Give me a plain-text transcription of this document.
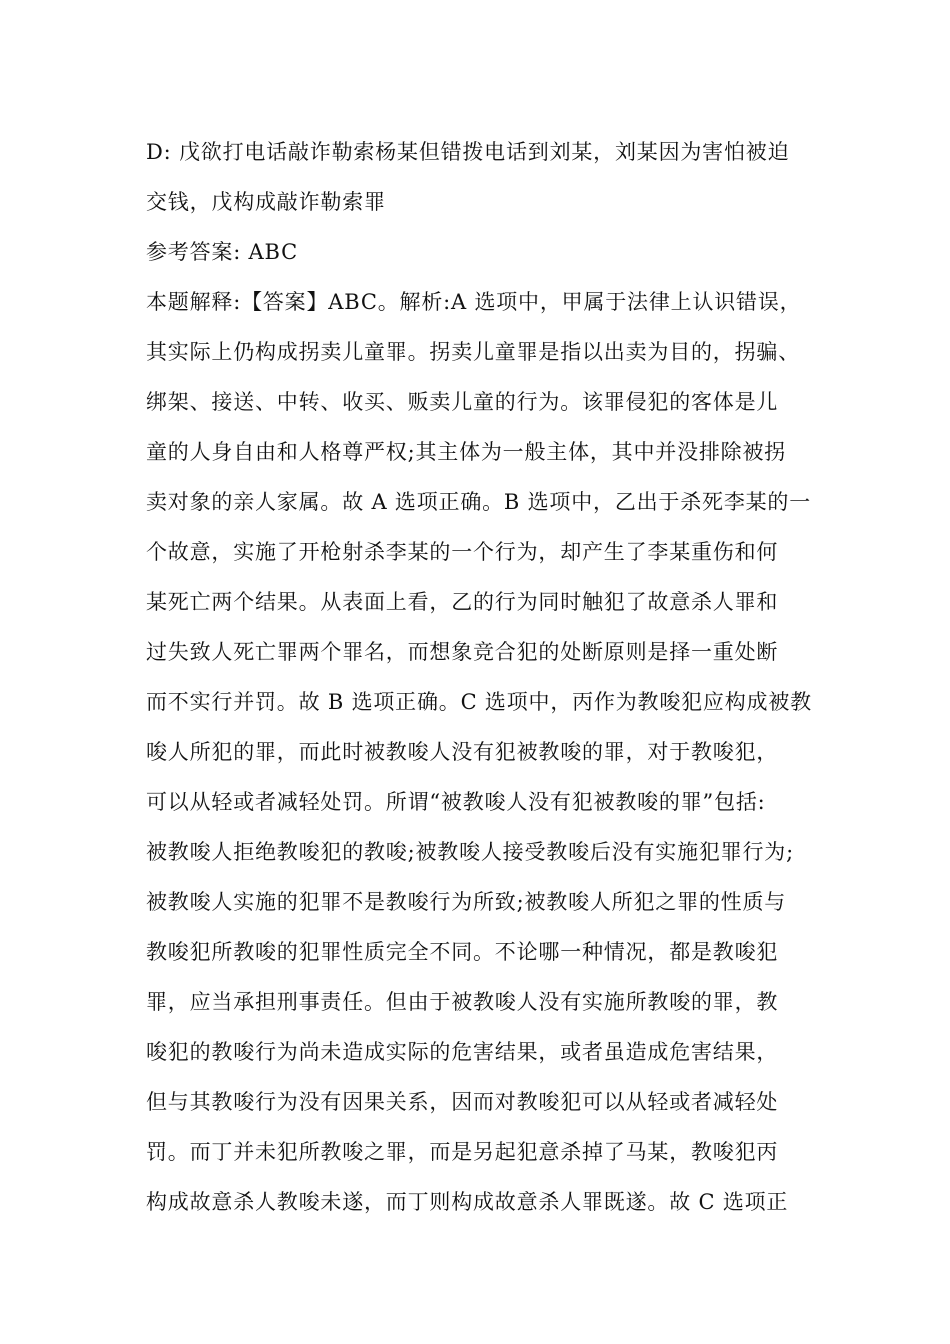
D: 戊欲打电话敲诈勒索杨某但错拨电话到刘某，刘某因为害怕被迫
交钱，戊构成敲诈勒索罪
参考答案: ABC
本题解释:【答案】ABC。解析:A 选项中，甲属于法律上认识错误，
其实际上仍构成拐卖儿童罪。拐卖儿童罪是指以出卖为目的，拐骗、
绑架、接送、中转、收买、贩卖儿童的行为。该罪侵犯的客体是儿
童的人身自由和人格尊严权;其主体为一般主体，其中并没排除被拐
卖对象的亲人家属。故 A 选项正确。B 选项中，乙出于杀死李某的一
个故意，实施了开枪射杀李某的一个行为，却产生了李某重伤和何
某死亡两个结果。从表面上看，乙的行为同时触犯了故意杀人罪和
过失致人死亡罪两个罪名，而想象竞合犯的处断原则是择一重处断
而不实行并罚。故 B 选项正确。C 选项中，丙作为教唆犯应构成被教
唆人所犯的罪，而此时被教唆人没有犯被教唆的罪，对于教唆犯，
可以从轻或者减轻处罚。所谓“被教唆人没有犯被教唆的罪”包括:
被教唆人拒绝教唆犯的教唆;被教唆人接受教唆后没有实施犯罪行为;
被教唆人实施的犯罪不是教唆行为所致;被教唆人所犯之罪的性质与
教唆犯所教唆的犯罪性质完全不同。不论哪一种情况，都是教唆犯
罪，应当承担刑事责任。但由于被教唆人没有实施所教唆的罪，教
唆犯的教唆行为尚未造成实际的危害结果，或者虽造成危害结果，
但与其教唆行为没有因果关系，因而对教唆犯可以从轻或者减轻处
罚。而丁并未犯所教唆之罪，而是另起犯意杀掉了马某，教唆犯丙
构成故意杀人教唆未遂，而丁则构成故意杀人罪既遂。故 C 选项正
